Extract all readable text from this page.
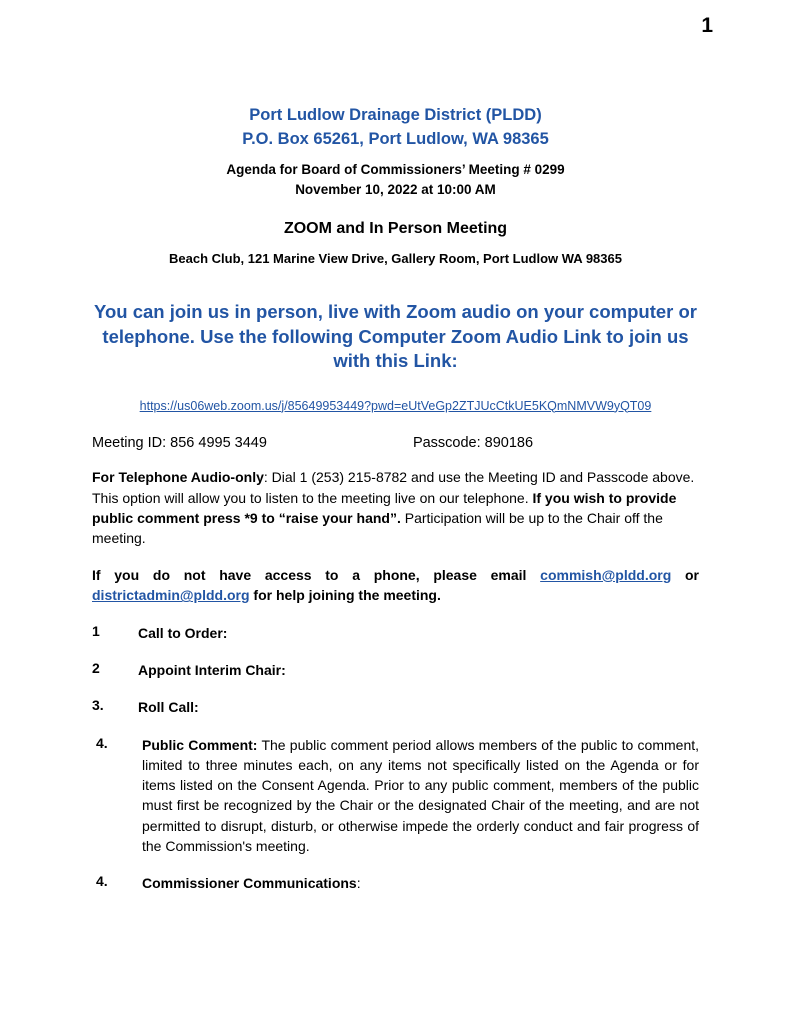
1
Port Ludlow Drainage District (PLDD)
P.O. Box 65261, Port Ludlow, WA 98365
Agenda for Board of Commissioners’ Meeting # 0299
November 10, 2022 at 10:00 AM
ZOOM and In Person Meeting
Beach Club, 121 Marine View Drive, Gallery Room, Port Ludlow WA 98365
You can join us in person, live with Zoom audio on your computer or telephone. Use the following Computer Zoom Audio Link to join us with this Link:
https://us06web.zoom.us/j/85649953449?pwd=eUtVeGp2ZTJUcCtkUE5KQmNMVW9yQT09
Meeting ID: 856 4995 3449	Passcode: 890186
For Telephone Audio-only: Dial 1 (253) 215-8782 and use the Meeting ID and Passcode above. This option will allow you to listen to the meeting live on our telephone. If you wish to provide public comment press *9 to “raise your hand”. Participation will be up to the Chair off the meeting.
If you do not have access to a phone, please email commish@pldd.org or districtadmin@pldd.org for help joining the meeting.
1	Call to Order:
2	Appoint Interim Chair:
3.	Roll Call:
4.	Public Comment: The public comment period allows members of the public to comment, limited to three minutes each, on any items not specifically listed on the Agenda or for items listed on the Consent Agenda. Prior to any public comment, members of the public must first be recognized by the Chair or the designated Chair of the meeting, and are not permitted to disrupt, disturb, or otherwise impede the orderly conduct and fair progress of the Commission's meeting.
4.	Commissioner Communications:
